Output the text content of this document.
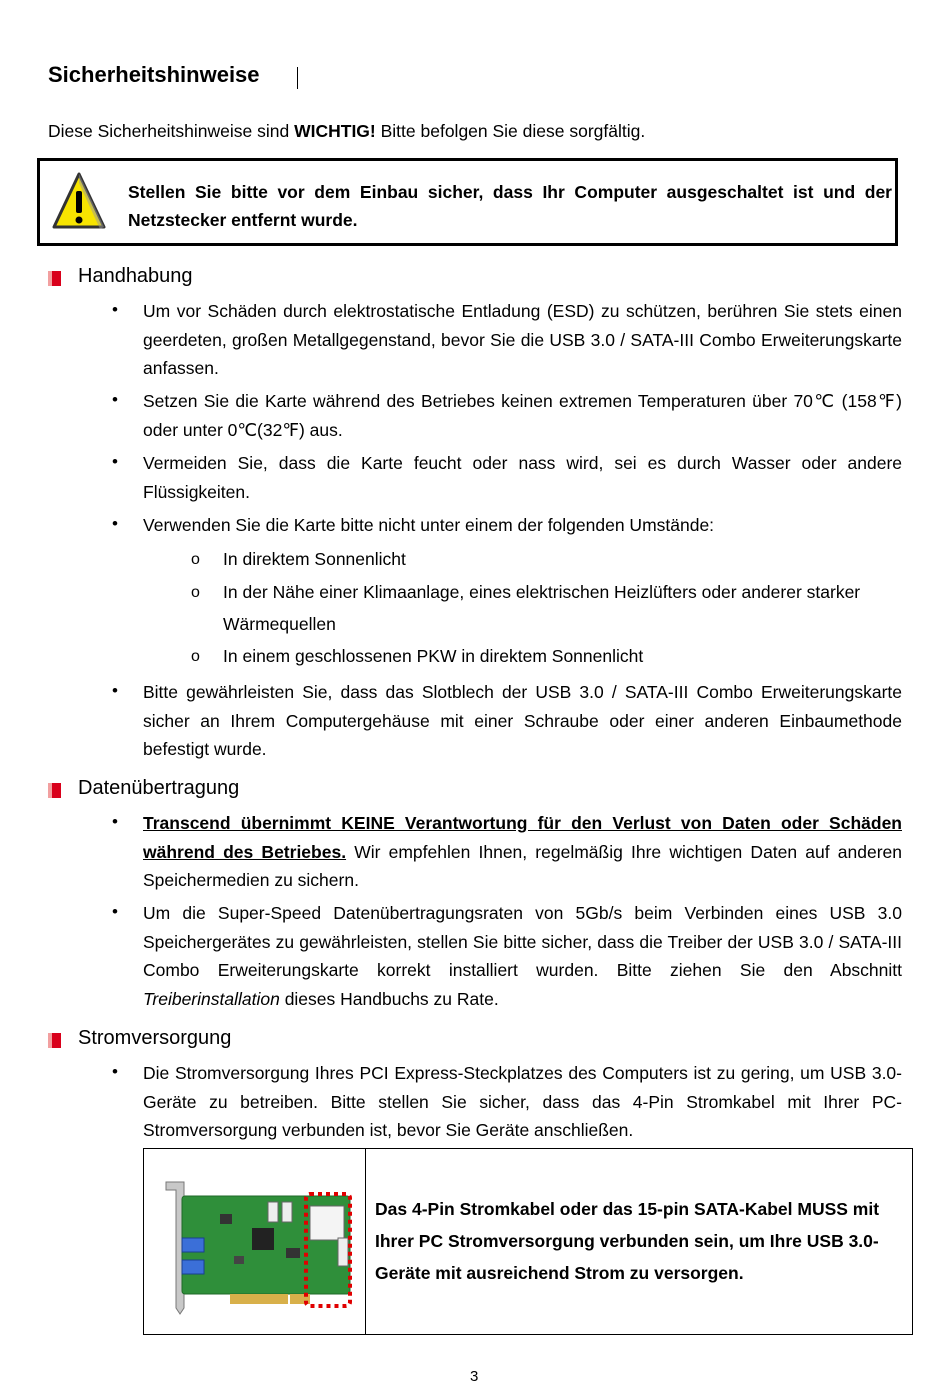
Sicherheitshinweise
Diese Sicherheitshinweise sind WICHTIG! Bitte befolgen Sie diese sorgfältig.
Stellen Sie bitte vor dem Einbau sicher, dass Ihr Computer ausgeschaltet ist und der Netzstecker entfernt wurde.
Handhabung
• Um vor Schäden durch elektrostatische Entladung (ESD) zu schützen, berühren Sie stets einen geerdeten, großen Metallgegenstand, bevor Sie die USB 3.0 / SATA-III Combo Erweiterungskarte anfassen.
• Setzen Sie die Karte während des Betriebes keinen extremen Temperaturen über 70℃ (158℉) oder unter 0℃(32℉) aus.
• Vermeiden Sie, dass die Karte feucht oder nass wird, sei es durch Wasser oder andere Flüssigkeiten.
• Verwenden Sie die Karte bitte nicht unter einem der folgenden Umstände:
o In direktem Sonnenlicht
o In der Nähe einer Klimaanlage, eines elektrischen Heizlüfters oder anderer starker Wärmequellen
o In einem geschlossenen PKW in direktem Sonnenlicht
• Bitte gewährleisten Sie, dass das Slotblech der USB 3.0 / SATA-III Combo Erweiterungskarte sicher an Ihrem Computergehäuse mit einer Schraube oder einer anderen Einbaumethode befestigt wurde.
Datenübertragung
• Transcend übernimmt KEINE Verantwortung für den Verlust von Daten oder Schäden während des Betriebes. Wir empfehlen Ihnen, regelmäßig Ihre wichtigen Daten auf anderen Speichermedien zu sichern.
• Um die Super-Speed Datenübertragungsraten von 5Gb/s beim Verbinden eines USB 3.0 Speichergerätes zu gewährleisten, stellen Sie bitte sicher, dass die Treiber der USB 3.0 / SATA-III Combo Erweiterungskarte korrekt installiert wurden. Bitte ziehen Sie den Abschnitt Treiberinstallation dieses Handbuchs zu Rate.
Stromversorgung
• Die Stromversorgung Ihres PCI Express-Steckplatzes des Computers ist zu gering, um USB 3.0-Geräte zu betreiben. Bitte stellen Sie sicher, dass das 4-Pin Stromkabel mit Ihrer PC-Stromversorgung verbunden ist, bevor Sie Geräte anschließen.
Das 4-Pin Stromkabel oder das 15-pin SATA-Kabel MUSS mit Ihrer PC Stromversorgung verbunden sein, um Ihre USB 3.0-Geräte mit ausreichend Strom zu versorgen.
3
